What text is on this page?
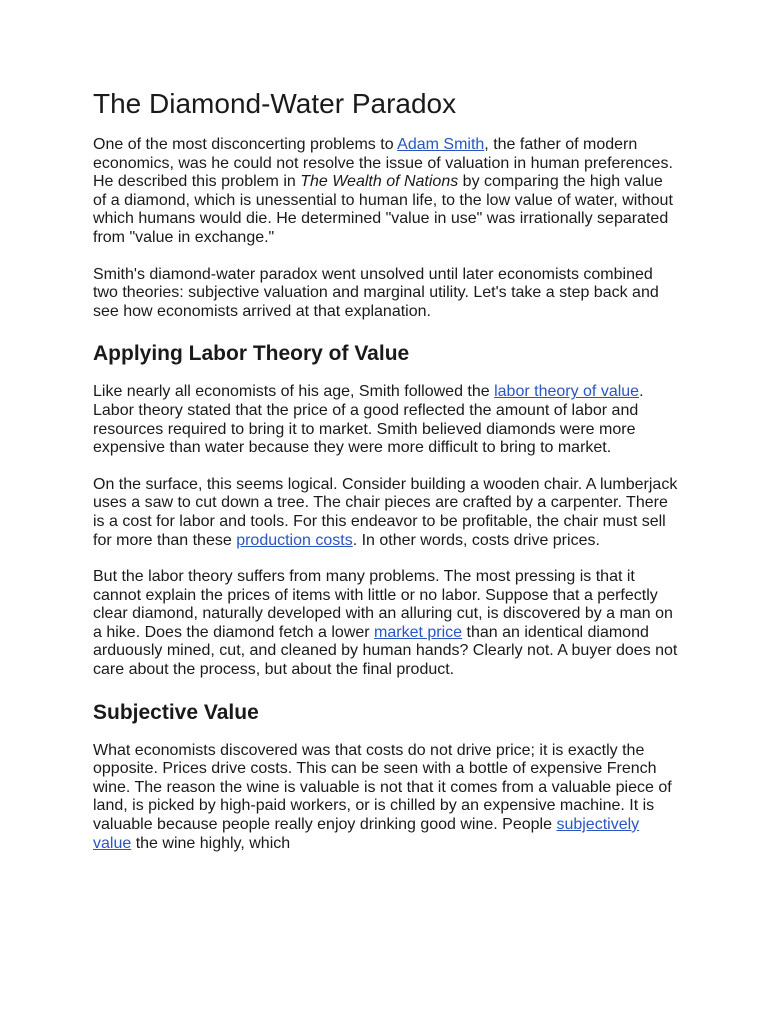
The Diamond-Water Paradox

One of the most disconcerting problems to Adam Smith, the father of modern economics, was he could not resolve the issue of valuation in human preferences. He described this problem in The Wealth of Nations by comparing the high value of a diamond, which is unessential to human life, to the low value of water, without which humans would die. He determined "value in use" was irrationally separated from "value in exchange."

Smith's diamond-water paradox went unsolved until later economists combined two theories: subjective valuation and marginal utility. Let's take a step back and see how economists arrived at that explanation.

Applying Labor Theory of Value

Like nearly all economists of his age, Smith followed the labor theory of value. Labor theory stated that the price of a good reflected the amount of labor and resources required to bring it to market. Smith believed diamonds were more expensive than water because they were more difficult to bring to market.

On the surface, this seems logical. Consider building a wooden chair. A lumberjack uses a saw to cut down a tree. The chair pieces are crafted by a carpenter. There is a cost for labor and tools. For this endeavor to be profitable, the chair must sell for more than these production costs. In other words, costs drive prices.

But the labor theory suffers from many problems. The most pressing is that it cannot explain the prices of items with little or no labor. Suppose that a perfectly clear diamond, naturally developed with an alluring cut, is discovered by a man on a hike. Does the diamond fetch a lower market price than an identical diamond arduously mined, cut, and cleaned by human hands? Clearly not. A buyer does not care about the process, but about the final product.

Subjective Value

What economists discovered was that costs do not drive price; it is exactly the opposite. Prices drive costs. This can be seen with a bottle of expensive French wine. The reason the wine is valuable is not that it comes from a valuable piece of land, is picked by high-paid workers, or is chilled by an expensive machine. It is valuable because people really enjoy drinking good wine. People subjectively value the wine highly, which
